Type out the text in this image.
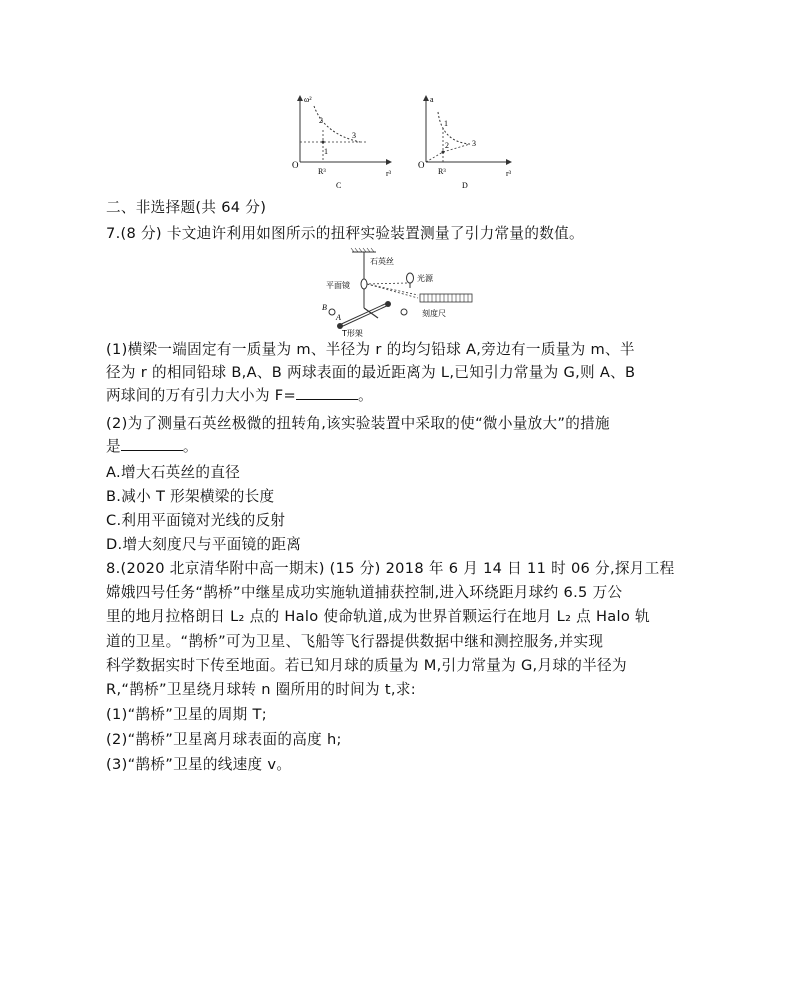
ω²
r³
O
R³
1
2
3
C
a
r³
O
R³
1
2	3
D
二、非选择题(共 64 分)
7.(8 分) 卡文迪许利用如图所示的扭秤实验装置测量了引力常量的数值。
石英丝
平面镜
光源
刻度尺
T形架
A
B
(1)横梁一端固定有一质量为 m、半径为 r 的均匀铅球 A,旁边有一质量为 m、半
径为 r 的相同铅球 B,A、B 两球表面的最近距离为 L,已知引力常量为 G,则 A、B
两球间的万有引力大小为 F=	。
(2)为了测量石英丝极微的扭转角,该实验装置中采取的使“微小量放大”的措施
是	。
A.增大石英丝的直径
B.减小 T 形架横梁的长度
C.利用平面镜对光线的反射
D.增大刻度尺与平面镜的距离
8.(2020 北京清华附中高一期末) (15 分) 2018 年 6 月 14 日 11 时 06 分,探月工程
嫦娥四号任务“鹊桥”中继星成功实施轨道捕获控制,进入环绕距月球约 6.5 万公
里的地月拉格朗日 L₂ 点的 Halo 使命轨道,成为世界首颗运行在地月 L₂ 点 Halo 轨
道的卫星。“鹊桥”可为卫星、飞船等飞行器提供数据中继和测控服务,并实现
科学数据实时下传至地面。若已知月球的质量为 M,引力常量为 G,月球的半径为
R,“鹊桥”卫星绕月球转 n 圈所用的时间为 t,求:
(1)“鹊桥”卫星的周期 T;
(2)“鹊桥”卫星离月球表面的高度 h;
(3)“鹊桥”卫星的线速度 v。
